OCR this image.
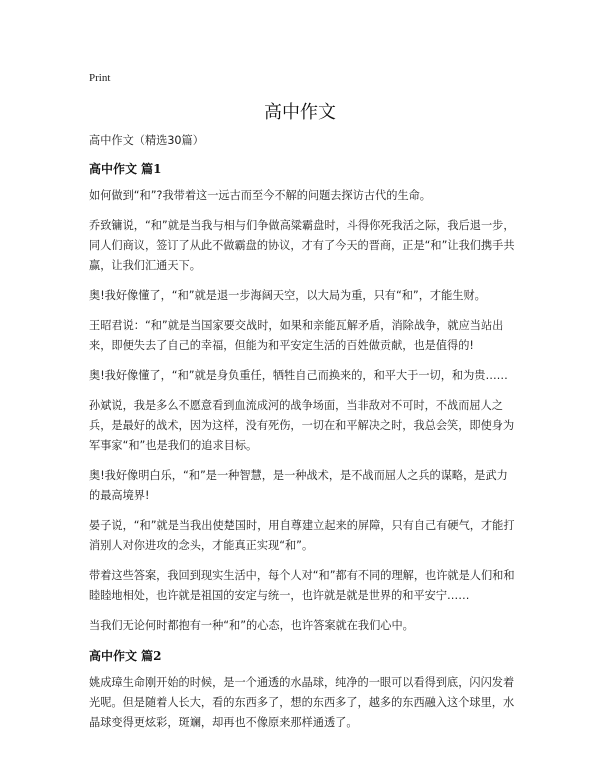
Print
高中作文

高中作文（精选30篇）

高中作文 篇1

如何做到“和”?我带着这一远古而至今不解的问题去探访古代的生命。

乔致镛说，“和”就是当我与相与们争做高粱霸盘时，斗得你死我活之际，我后退一步，同人们商议，签订了从此不做霸盘的协议，才有了今天的晋商，正是“和”让我们携手共赢，让我们汇通天下。

奥!我好像懂了，“和”就是退一步海阔天空，以大局为重，只有“和”，才能生财。

王昭君说：“和”就是当国家要交战时，如果和亲能瓦解矛盾，消除战争，就应当站出来，即便失去了自己的幸福，但能为和平安定生活的百姓做贡献，也是值得的!

奥!我好像懂了，“和”就是身负重任，牺牲自己而换来的，和平大于一切，和为贵……

孙斌说，我是多么不愿意看到血流成河的战争场面，当非敌对不可时，不战而屈人之兵，是最好的战术，因为这样，没有死伤，一切在和平解决之时，我总会笑，即使身为军事家“和”也是我们的追求目标。

奥!我好像明白乐，“和”是一种智慧，是一种战术，是不战而屈人之兵的谋略，是武力的最高境界!

晏子说，“和”就是当我出使楚国时，用自尊建立起来的屏障，只有自己有硬气，才能打消别人对你进攻的念头，才能真正实现“和”。

带着这些答案，我回到现实生活中，每个人对“和”都有不同的理解，也许就是人们和和睦睦地相处，也许就是祖国的安定与统一，也许就是就是世界的和平安宁……

当我们无论何时都抱有一种“和”的心态，也许答案就在我们心中。

高中作文 篇2

姚成璋生命刚开始的时候，是一个通透的水晶球，纯净的一眼可以看得到底，闪闪发着光呢。但是随着人长大，看的东西多了，想的东西多了，越多的东西融入这个球里，水晶球变得更炫彩，斑斓，却再也不像原来那样通透了。
